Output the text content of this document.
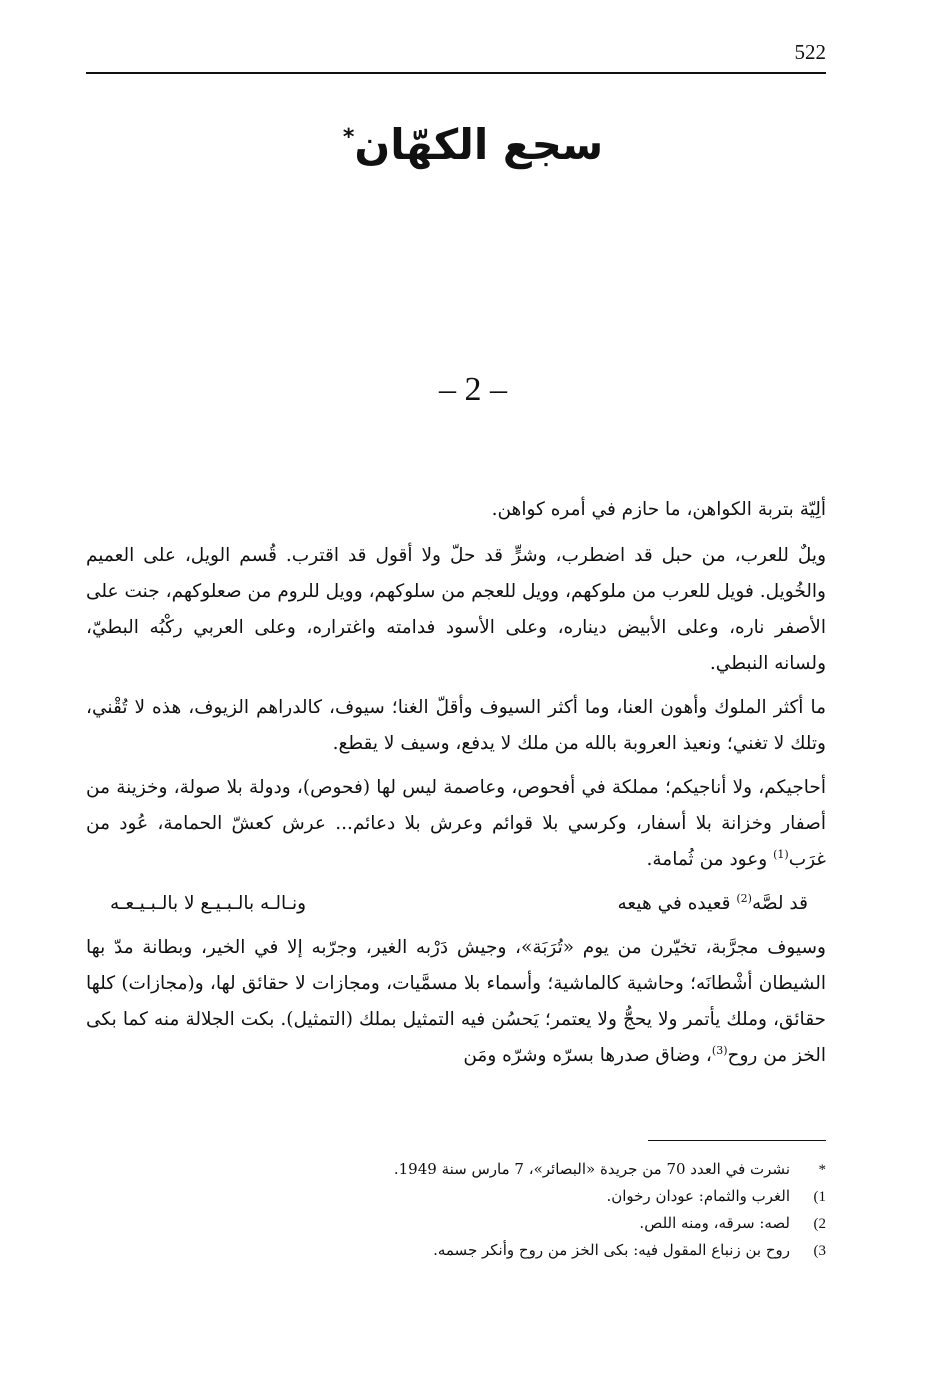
522
سجع الكهّان*
– 2 –

ألِيّة بتربة الكواهن، ما حازم في أمره كواهن.

ويلٌ للعرب، من حبل قد اضطرب، وشرٍّ قد حلّ ولا أقول قد اقترب. قُسم الويل، على العميم والخُويل. فويل للعرب من ملوكهم، وويل للعجم من سلوكهم، وويل للروم من صعلوكهم، جنت على الأصفر ناره، وعلى الأبيض ديناره، وعلى الأسود فدامته واغتراره، وعلى العربي ركْبُه البطيّ، ولسانه النبطي.

ما أكثر الملوك وأهون العنا، وما أكثر السيوف وأقلّ الغنا؛ سيوف، كالدراهم الزيوف، هذه لا تُقْني، وتلك لا تغني؛ ونعيذ العروبة بالله من ملك لا يدفع، وسيف لا يقطع.

أحاجيكم، ولا أناجيكم؛ مملكة في أفحوص، وعاصمة ليس لها (فحوص)، ودولة بلا صولة، وخزينة من أصفار وخزانة بلا أسفار، وكرسي بلا قوائم وعرش بلا دعائم... عرش كعشّ الحمامة، عُود من غرَب$^{(1)}$ وعود من ثُمامة.

قد لصَّه$^{(2)}$ قعيده في هيعه
ونـالـه بالـبـيـع لا بالـبـيـعـه

وسيوف مجرَّبة، تخيّرن من يوم «تُرَبَة»، وجيش دَرْبه الغير، وجرّبه إلا في الخير، وبطانة مدّ بها الشيطان أشْطانَه؛ وحاشية كالماشية؛ وأسماء بلا مسمَّيات، ومجازات لا حقائق لها، و(مجازات) كلها حقائق، وملك يأتمر ولا يحجُّ ولا يعتمر؛ يَحسُن فيه التمثيل بملك (التمثيل). بكت الجلالة منه كما بكى الخز من روح$^{(3)}$، وضاق صدرها بسرّه وشرّه ومَن

*
نشرت في العدد 70 من جريدة «البصائر»، 7 مارس سنة 1949.
1)
الغرب والثمام: عودان رخوان.
2)
لصه: سرقه، ومنه اللص.
3)
روح بن زنباع المقول فيه: بكى الخز من روح وأنكر جسمه.
